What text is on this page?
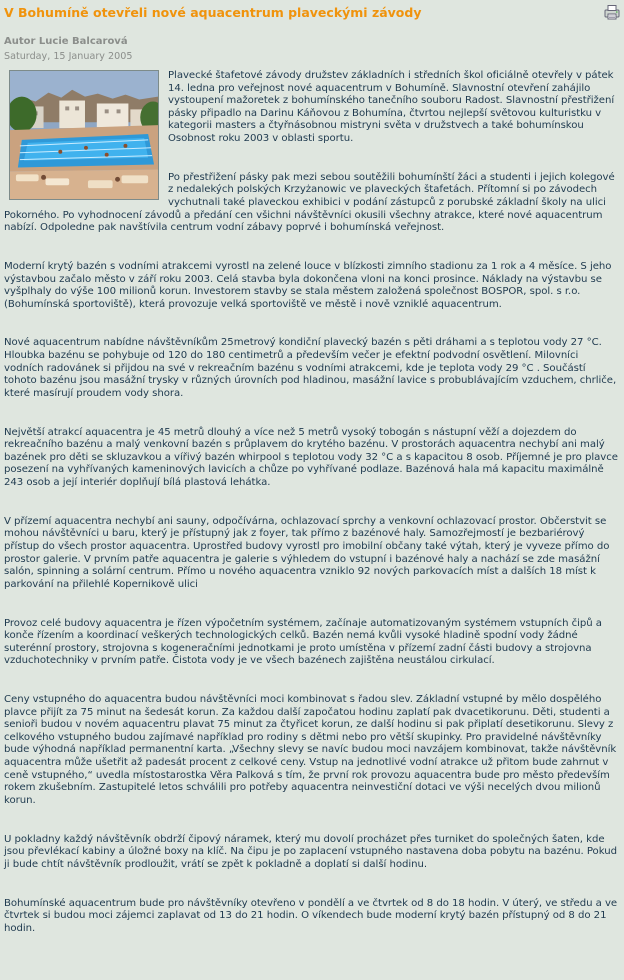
V Bohumíně otevřeli nové aquacentrum plaveckými závody
Autor Lucie Balcarová
Saturday, 15 January 2005

Plavecké štafetové závody družstev základních i středních škol oficiálně otevřely v pátek 14. ledna pro veřejnost nové aquacentrum v Bohumíně. Slavnostní otevření zahájilo vystoupení mažoretek z bohumínského tanečního souboru Radost. Slavnostní přestřižení pásky připadlo na Darinu Káňovou z Bohumína, čtvrtou nejlepší světovou kulturistku v kategorii masters a čtyřnásobnou mistryni světa v družstvech a také bohumínskou Osobnost roku 2003 v oblasti sportu.

Po přestřižení pásky pak mezi sebou soutěžili bohumínští žáci a studenti i jejich kolegové z nedalekých polských Krzyżanowic ve plaveckých štafetách. Přítomní si po závodech vychutnali také plaveckou exhibici v podání zástupců z porubské základní školy na ulici Pokorného. Po vyhodnocení závodů a předání cen všichni návštěvníci okusili všechny atrakce, které nové aquacentrum nabízí. Odpoledne pak navštívila centrum vodní zábavy poprvé i bohumínská veřejnost.

Moderní krytý bazén s vodními atrakcemi vyrostl na zelené louce v blízkosti zimního stadionu za 1 rok a 4 měsíce. S jeho výstavbou začalo město v září roku 2003. Celá stavba byla dokončena vloni na konci prosince. Náklady na výstavbu se vyšplhaly do výše 100 milionů korun. Investorem stavby se stala městem založená společnost BOSPOR, spol. s r.o. (Bohumínská sportoviště), která provozuje velká sportoviště ve městě i nově vzniklé aquacentrum.

Nové aquacentrum nabídne návštěvníkům 25metrový kondiční plavecký bazén s pěti dráhami a s teplotou vody 27 °C. Hloubka bazénu se pohybuje od 120 do 180 centimetrů a především večer je efektní podvodní osvětlení. Milovníci vodních radovánek si přijdou na své v rekreačním bazénu s vodními atrakcemi, kde je teplota vody 29 °C . Součástí tohoto bazénu jsou masážní trysky v různých úrovních pod hladinou, masážní lavice s probublávajícím vzduchem, chrliče, které masírují proudem vody shora.

Největší atrakcí aquacentra je 45 metrů dlouhý a více než 5 metrů vysoký tobogán s nástupní věží a dojezdem do rekreačního bazénu a malý venkovní bazén s průplavem do krytého bazénu. V prostorách aquacentra nechybí ani malý bazének pro děti se skluzavkou a vířivý bazén whirpool s teplotou vody 32 °C a s kapacitou 8 osob. Příjemné je pro plavce posezení na vyhřívaných kameninových lavicích a chůze po vyhřívané podlaze. Bazénová hala má kapacitu maximálně 243 osob a její interiér doplňují bílá plastová lehátka.

V přízemí aquacentra nechybí ani sauny, odpočívárna, ochlazovací sprchy a venkovní ochlazovací prostor. Občerstvit se mohou návštěvníci u baru, který je přístupný jak z foyer, tak přímo z bazénové haly. Samozřejmostí je bezbariérový přístup do všech prostor aquacentra. Uprostřed budovy vyrostl pro imobilní občany také výtah, který je vyveze přímo do prostor galerie. V prvním patře aquacentra je galerie s výhledem do vstupní i bazénové haly a nachází se zde masážní salón, spinning a solární centrum. Přímo u nového aquacentra vzniklo 92 nových parkovacích míst a dalších 18 míst k parkování na přilehlé Kopernikově ulici

Provoz celé budovy aquacentra je řízen výpočetním systémem, začínaje automatizovaným systémem vstupních čipů a konče řízením a koordinací veškerých technologických celků. Bazén nemá kvůli vysoké hladině spodní vody žádné suterénní prostory, strojovna s kogeneračními jednotkami je proto umístěna v přízemí zadní části budovy a strojovna vzduchotechniky v prvním patře. Čistota vody je ve všech bazénech zajištěna neustálou cirkulací.

Ceny vstupného do aquacentra budou návštěvníci moci kombinovat s řadou slev. Základní vstupné by mělo dospělého plavce přijít za 75 minut na šedesát korun. Za každou další započatou hodinu zaplatí pak dvacetikorunu. Děti, studenti a senioři budou v novém aquacentru plavat 75 minut za čtyřicet korun, ze další hodinu si pak připlatí desetikorunu. Slevy z celkového vstupného budou zajímavé například pro rodiny s dětmi nebo pro větší skupinky. Pro pravidelné návštěvníky bude výhodná například permanentní karta. „Všechny slevy se navíc budou moci navzájem kombinovat, takže návštěvník aquacentra může ušetřit až padesát procent z celkové ceny. Vstup na jednotlivé vodní atrakce už přitom bude zahrnut v ceně vstupného,“ uvedla místostarostka Věra Palková s tím, že první rok provozu aquacentra bude pro město především rokem zkušebním. Zastupitelé letos schválili pro potřeby aquacentra neinvestiční dotaci ve výši necelých dvou milionů korun.

U pokladny každý návštěvník obdrží čipový náramek, který mu dovolí procházet přes turniket do společných šaten, kde jsou převlékací kabiny a úložné boxy na klíč. Na čipu je po zaplacení vstupného nastavena doba pobytu na bazénu. Pokud ji bude chtít návštěvník prodloužit, vrátí se zpět k pokladně a doplatí si další hodinu.

Bohumínské aquacentrum bude pro návštěvníky otevřeno v pondělí a ve čtvrtek od 8 do 18 hodin. V úterý, ve středu a ve čtvrtek si budou moci zájemci zaplavat od 13 do 21 hodin. O víkendech bude moderní krytý bazén přístupný od 8 do 21 hodin.
